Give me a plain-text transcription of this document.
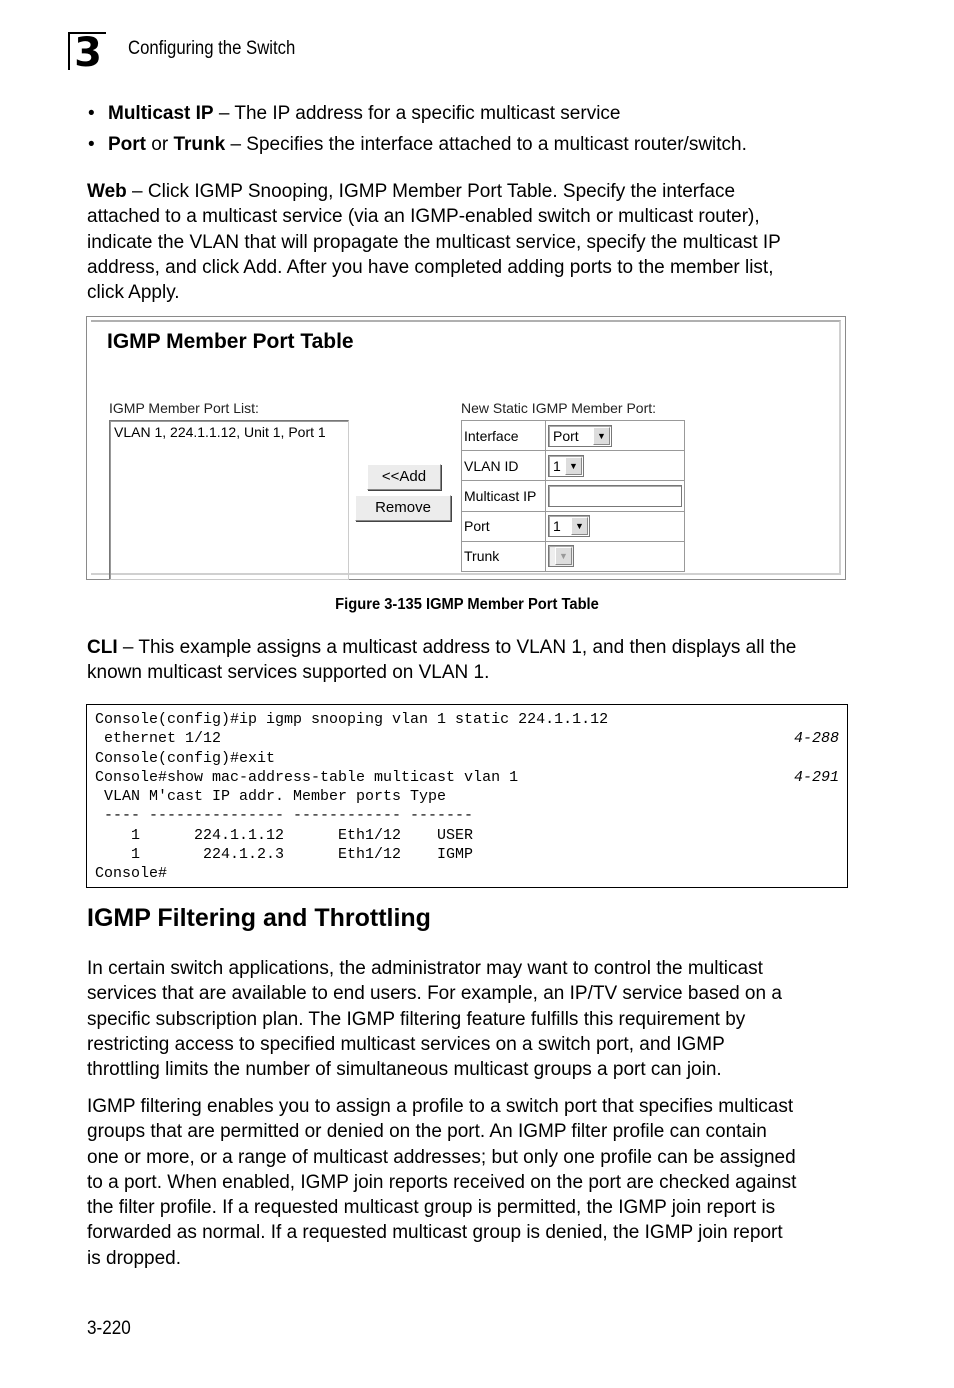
3 Configuring the Switch
• Multicast IP – The IP address for a specific multicast service
• Port or Trunk – Specifies the interface attached to a multicast router/switch.
Web – Click IGMP Snooping, IGMP Member Port Table. Specify the interface
attached to a multicast service (via an IGMP-enabled switch or multicast router),
indicate the VLAN that will propagate the multicast service, specify the multicast IP
address, and click Add. After you have completed adding ports to the member list,
click Apply.
IGMP Member Port Table
IGMP Member Port List:
VLAN 1, 224.1.1.12, Unit 1, Port 1
<<Add
Remove
New Static IGMP Member Port:
Interface	Port ▼

VLAN ID	1 ▼

Multicast IP	
Port	1 ▼

Trunk	▼
Figure 3-135 IGMP Member Port Table
CLI – This example assigns a multicast address to VLAN 1, and then displays all the
known multicast services supported on VLAN 1.
Console(config)#ip igmp snooping vlan 1 static 224.1.1.12
ethernet 1/12	4-288
Console(config)#exit
Console#show mac-address-table multicast vlan 1	4-291
VLAN M'cast IP addr. Member ports Type
---- --------------- ------------ -------
1      224.1.1.12      Eth1/12    USER
1       224.1.2.3      Eth1/12    IGMP
Console#
IGMP Filtering and Throttling
In certain switch applications, the administrator may want to control the multicast
services that are available to end users. For example, an IP/TV service based on a
specific subscription plan. The IGMP filtering feature fulfills this requirement by
restricting access to specified multicast services on a switch port, and IGMP
throttling limits the number of simultaneous multicast groups a port can join.
IGMP filtering enables you to assign a profile to a switch port that specifies multicast
groups that are permitted or denied on the port. An IGMP filter profile can contain
one or more, or a range of multicast addresses; but only one profile can be assigned
to a port. When enabled, IGMP join reports received on the port are checked against
the filter profile. If a requested multicast group is permitted, the IGMP join report is
forwarded as normal. If a requested multicast group is denied, the IGMP join report
is dropped.
3-220
